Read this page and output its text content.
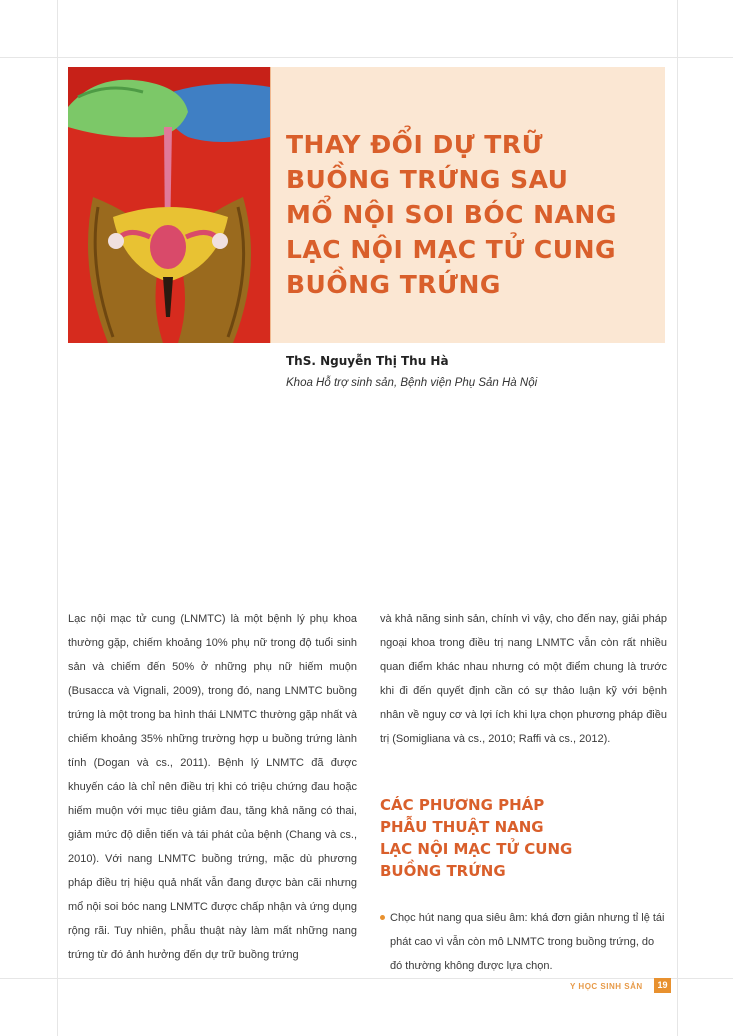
THAY ĐỔI DỰ TRỮ
BUỒNG TRỨNG SAU
MỔ NỘI SOI BÓC NANG
LẠC NỘI MẠC TỬ CUNG
BUỒNG TRỨNG
ThS. Nguyễn Thị Thu Hà
Khoa Hỗ trợ sinh sản, Bệnh viện Phụ Sản Hà Nội

Lạc nội mạc tử cung (LNMTC) là một bệnh lý phụ khoa thường gặp, chiếm khoảng 10% phụ nữ trong độ tuổi sinh sản và chiếm đến 50% ở những phụ nữ hiếm muộn (Busacca và Vignali, 2009), trong đó, nang LNMTC buồng trứng là một trong ba hình thái LNMTC thường gặp nhất và chiếm khoảng 35% những trường hợp u buồng trứng lành tính (Dogan và cs., 2011). Bệnh lý LNMTC đã được khuyến cáo là chỉ nên điều trị khi có triệu chứng đau hoặc hiếm muộn với mục tiêu giảm đau, tăng khả năng có thai, giảm mức độ diễn tiến và tái phát của bệnh (Chang và cs., 2010). Với nang LNMTC buồng trứng, mặc dù phương pháp điều trị hiệu quả nhất vẫn đang được bàn cãi nhưng mổ nội soi bóc nang LNMTC được chấp nhận và ứng dụng rộng rãi. Tuy nhiên, phẫu thuật này làm mất những nang trứng từ đó ảnh hưởng đến dự trữ buồng trứng

và khả năng sinh sản, chính vì vậy, cho đến nay, giải pháp ngoại khoa trong điều trị nang LNMTC vẫn còn rất nhiều quan điểm khác nhau nhưng có một điểm chung là trước khi đi đến quyết định cần có sự thảo luận kỹ với bệnh nhân về nguy cơ và lợi ích khi lựa chọn phương pháp điều trị (Somigliana và cs., 2010; Raffi và cs., 2012).

CÁC PHƯƠNG PHÁP
PHẪU THUẬT NANG
LẠC NỘI MẠC TỬ CUNG
BUỒNG TRỨNG
Chọc hút nang qua siêu âm: khá đơn giản nhưng tỉ lệ tái phát cao vì vẫn còn mô LNMTC trong buồng trứng, do đó thường không được lựa chọn.
Y HỌC SINH SẢN	19
